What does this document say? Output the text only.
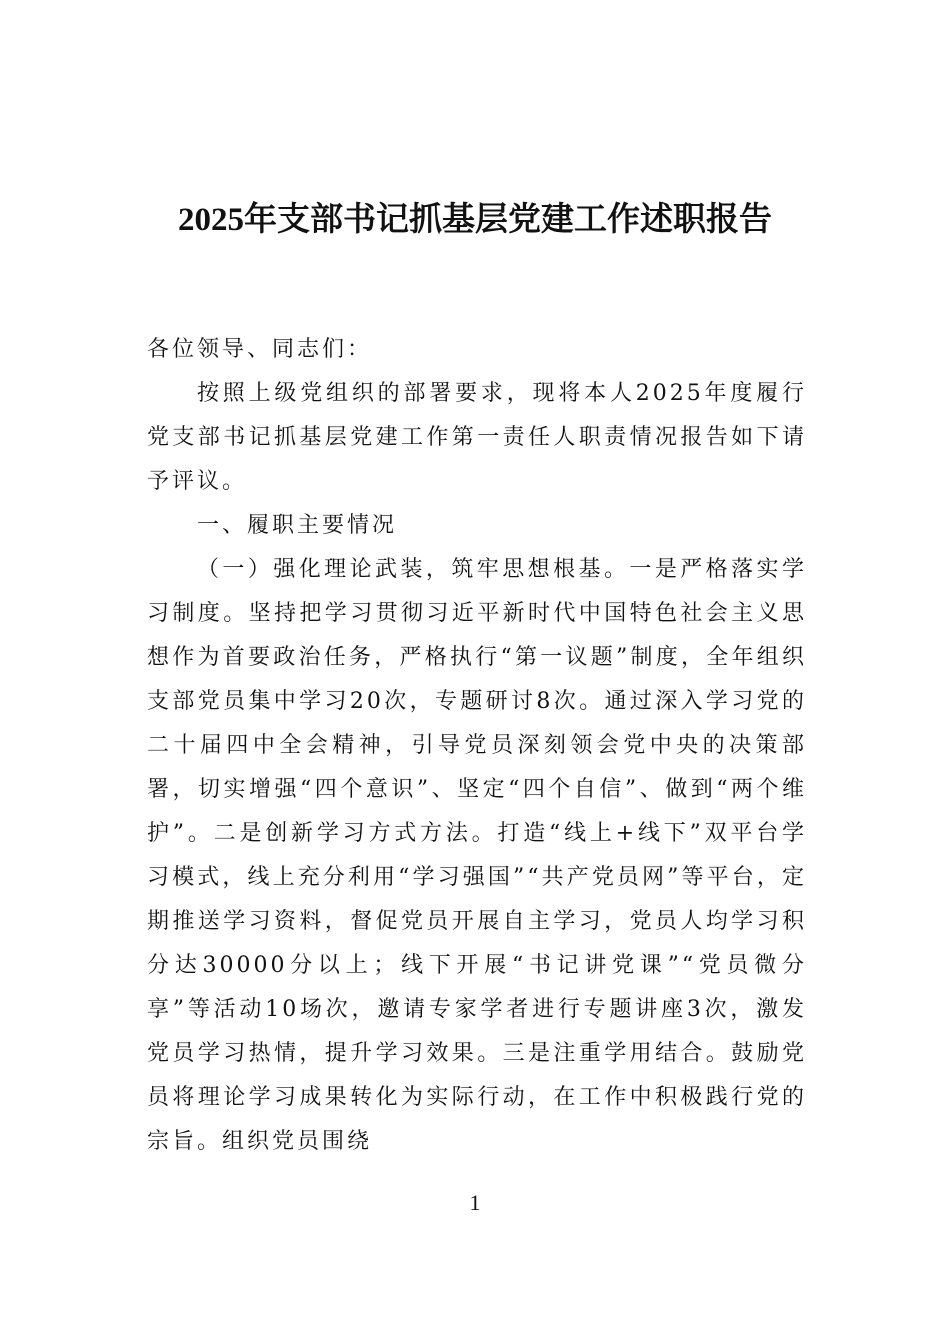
2025年支部书记抓基层党建工作述职报告

各位领导、同志们：

按照上级党组织的部署要求，现将本人2025年度履行党支部书记抓基层党建工作第一责任人职责情况报告如下请予评议。

一、履职主要情况

（一）强化理论武装，筑牢思想根基。一是严格落实学习制度。坚持把学习贯彻习近平新时代中国特色社会主义思想作为首要政治任务，严格执行“第一议题”制度，全年组织支部党员集中学习20次，专题研讨8次。通过深入学习党的二十届四中全会精神，引导党员深刻领会党中央的决策部署，切实增强“四个意识”、坚定“四个自信”、做到“两个维护”。二是创新学习方式方法。打造“线上+线下”双平台学习模式，线上充分利用“学习强国”“共产党员网”等平台，定期推送学习资料，督促党员开展自主学习，党员人均学习积分达30000分以上；线下开展“书记讲党课”“党员微分享”等活动10场次，邀请专家学者进行专题讲座3次，激发党员学习热情，提升学习效果。三是注重学用结合。鼓励党员将理论学习成果转化为实际行动，在工作中积极践行党的宗旨。组织党员围绕

1
